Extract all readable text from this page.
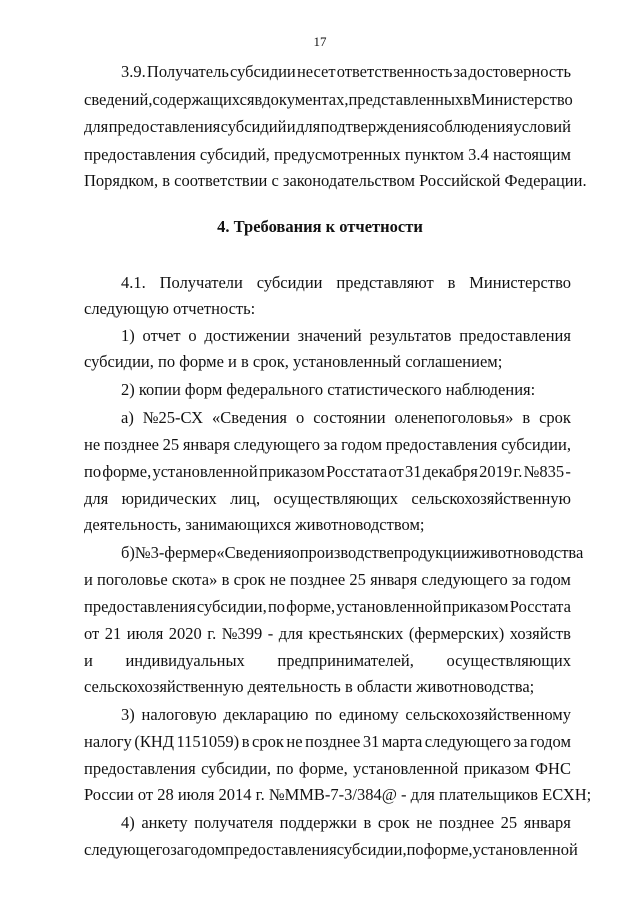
17
3.9. Получатель субсидии несет ответственность за достоверность
сведений, содержащихся в документах, представленных в Министерство
для предоставления субсидий и для подтверждения соблюдения условий
предоставления субсидий, предусмотренных пунктом 3.4 настоящим
Порядком, в соответствии с законодательством Российской Федерации.
4. Требования к отчетности
4.1. Получатели субсидии представляют в Министерство
следующую отчетность:
1) отчет о достижении значений результатов предоставления
субсидии, по форме и в срок, установленный соглашением;
2) копии форм федерального статистического наблюдения:
а) №25-СХ «Сведения о состоянии оленепоголовья» в срок
не позднее 25 января следующего за годом предоставления субсидии,
по форме, установленной приказом Росстата от 31 декабря 2019 г. №835 -
для юридических лиц, осуществляющих сельскохозяйственную
деятельность, занимающихся животноводством;
б) №3-фермер «Сведения о производстве продукции животноводства
и поголовье скота» в срок не позднее 25 января следующего за годом
предоставления субсидии, по форме, установленной приказом Росстата
от 21 июля 2020 г. №399 - для крестьянских (фермерских) хозяйств
и индивидуальных предпринимателей, осуществляющих
сельскохозяйственную деятельность в области животноводства;
3) налоговую декларацию по единому сельскохозяйственному
налогу (КНД 1151059) в срок не позднее 31 марта следующего за годом
предоставления субсидии, по форме, установленной приказом ФНС
России от 28 июля 2014 г. №ММВ-7-3/384@ - для плательщиков ЕСХН;
4) анкету получателя поддержки в срок не позднее 25 января
следующего за годом предоставления субсидии, по форме, установленной
